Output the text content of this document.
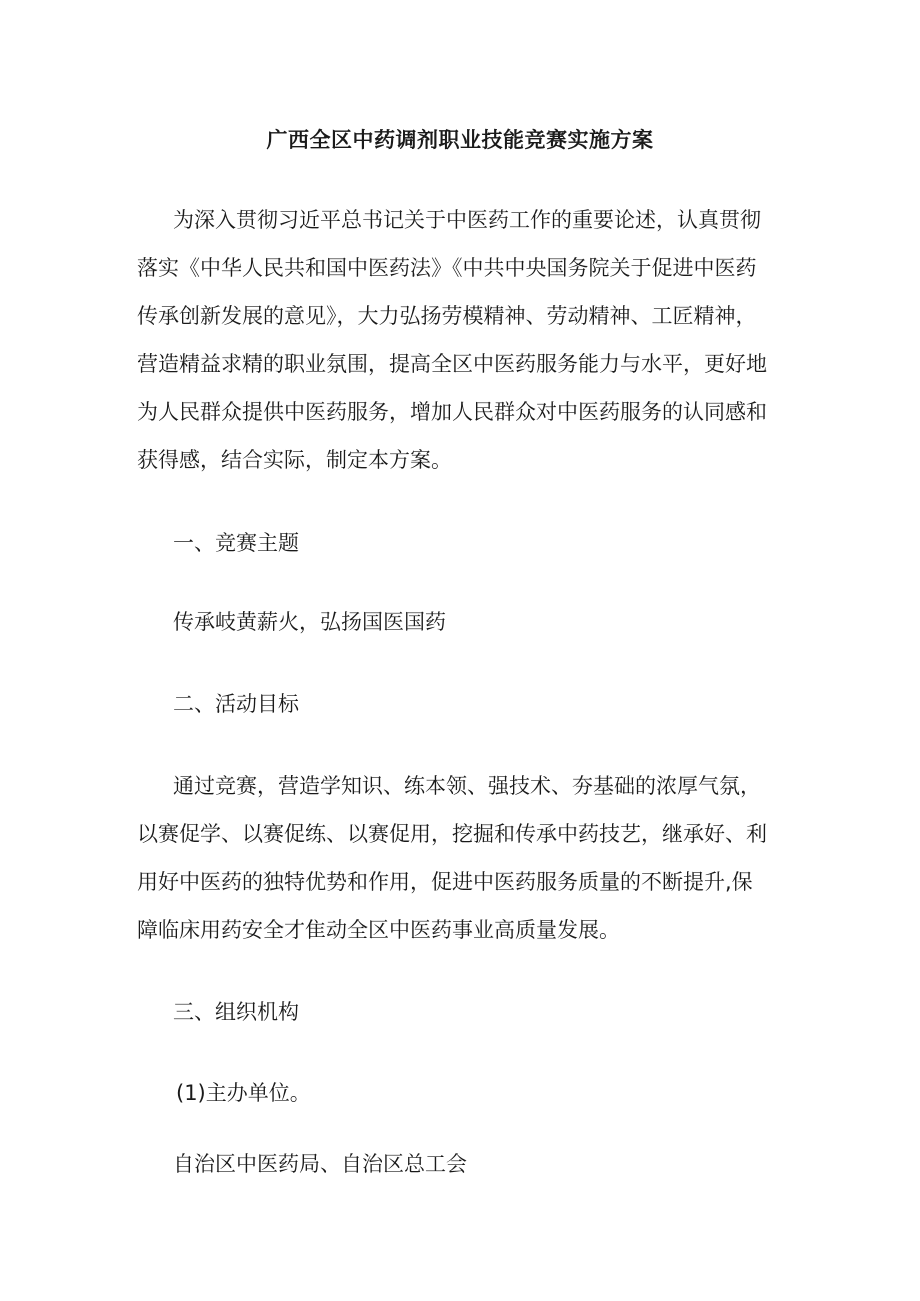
广西全区中药调剂职业技能竞赛实施方案
为深入贯彻习近平总书记关于中医药工作的重要论述，认真贯彻
落实《中华人民共和国中医药法》《中共中央国务院关于促进中医药
传承创新发展的意见》，大力弘扬劳模精神、劳动精神、工匠精神，
营造精益求精的职业氛围，提高全区中医药服务能力与水平，更好地
为人民群众提供中医药服务，增加人民群众对中医药服务的认同感和
获得感，结合实际，制定本方案。
一、竞赛主题
传承岐黄薪火，弘扬国医国药
二、活动目标
通过竞赛，营造学知识、练本领、强技术、夯基础的浓厚气氛，
以赛促学、以赛促练、以赛促用，挖掘和传承中药技艺，继承好、利
用好中医药的独特优势和作用，促进中医药服务质量的不断提升,保
障临床用药安全才隹动全区中医药事业高质量发展。
三、组织机构
(1)主办单位。
自治区中医药局、自治区总工会
